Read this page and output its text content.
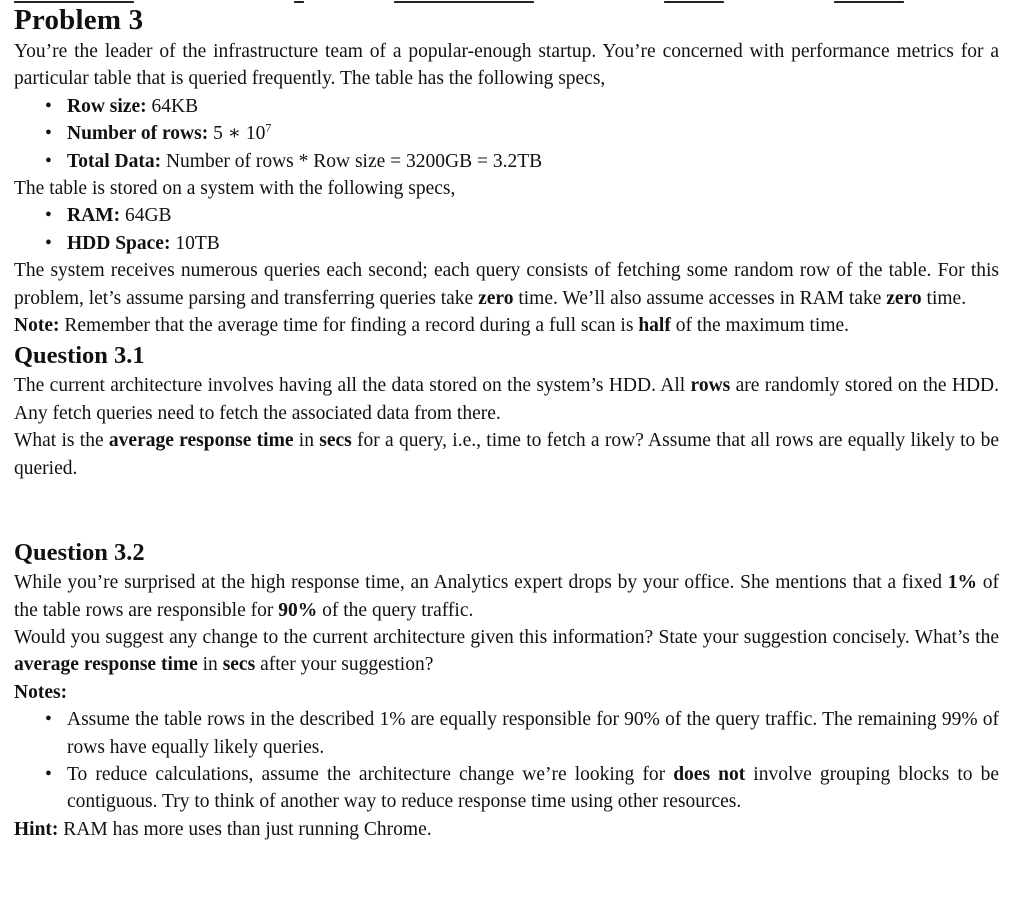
Problem 3

You’re the leader of the infrastructure team of a popular-enough startup. You’re concerned with performance metrics for a particular table that is queried frequently. The table has the following specs,

• Row size: 64KB
• Number of rows: 5 ∗ $10^7$
• Total Data: Number of rows * Row size = 3200GB = 3.2TB

The table is stored on a system with the following specs,

• RAM: 64GB
• HDD Space: 10TB

The system receives numerous queries each second; each query consists of fetching some random row of the table. For this problem, let’s assume parsing and transferring queries take zero time. We’ll also assume accesses in RAM take zero time.

Note: Remember that the average time for finding a record during a full scan is half of the maximum time.

Question 3.1

The current architecture involves having all the data stored on the system’s HDD. All rows are randomly stored on the HDD. Any fetch queries need to fetch the associated data from there.

What is the average response time in secs for a query, i.e., time to fetch a row? Assume that all rows are equally likely to be queried.

Question 3.2

While you’re surprised at the high response time, an Analytics expert drops by your office. She mentions that a fixed 1% of the table rows are responsible for 90% of the query traffic.

Would you suggest any change to the current architecture given this information? State your suggestion concisely. What’s the average response time in secs after your suggestion?

Notes:

• Assume the table rows in the described 1% are equally responsible for 90% of the query traffic. The remaining 99% of rows have equally likely queries.
• To reduce calculations, assume the architecture change we’re looking for does not involve grouping blocks to be contiguous. Try to think of another way to reduce response time using other resources.

Hint: RAM has more uses than just running Chrome.
